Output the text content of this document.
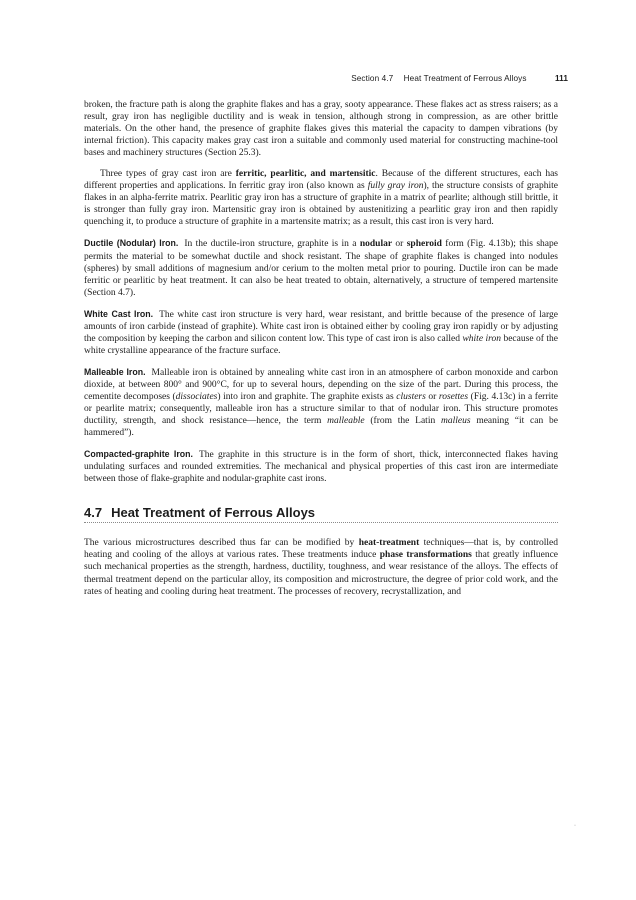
Section 4.7 Heat Treatment of Ferrous Alloys	111

broken, the fracture path is along the graphite flakes and has a gray, sooty appearance. These flakes act as stress raisers; as a result, gray iron has negligible ductility and is weak in tension, although strong in compression, as are other brittle materials. On the other hand, the presence of graphite flakes gives this material the capacity to dampen vibrations (by internal friction). This capacity makes gray cast iron a suitable and commonly used material for constructing machine-tool bases and machinery structures (Section 25.3).

Three types of gray cast iron are ferritic, pearlitic, and martensitic. Because of the different structures, each has different properties and applications. In ferritic gray iron (also known as fully gray iron), the structure consists of graphite flakes in an alpha-ferrite matrix. Pearlitic gray iron has a structure of graphite in a matrix of pearlite; although still brittle, it is stronger than fully gray iron. Martensitic gray iron is obtained by austenitizing a pearlitic gray iron and then rapidly quenching it, to produce a structure of graphite in a martensite matrix; as a result, this cast iron is very hard.

Ductile (Nodular) Iron. In the ductile-iron structure, graphite is in a nodular or spheroid form (Fig. 4.13b); this shape permits the material to be somewhat ductile and shock resistant. The shape of graphite flakes is changed into nodules (spheres) by small additions of magnesium and/or cerium to the molten metal prior to pouring. Ductile iron can be made ferritic or pearlitic by heat treatment. It can also be heat treated to obtain, alternatively, a structure of tempered martensite (Section 4.7).

White Cast Iron. The white cast iron structure is very hard, wear resistant, and brittle because of the presence of large amounts of iron carbide (instead of graphite). White cast iron is obtained either by cooling gray iron rapidly or by adjusting the composition by keeping the carbon and silicon content low. This type of cast iron is also called white iron because of the white crystalline appearance of the fracture surface.

Malleable Iron. Malleable iron is obtained by annealing white cast iron in an atmosphere of carbon monoxide and carbon dioxide, at between 800° and 900°C, for up to several hours, depending on the size of the part. During this process, the cementite decomposes (dissociates) into iron and graphite. The graphite exists as clusters or rosettes (Fig. 4.13c) in a ferrite or pearlite matrix; consequently, malleable iron has a structure similar to that of nodular iron. This structure promotes ductility, strength, and shock resistance—hence, the term malleable (from the Latin malleus meaning “it can be hammered”).

Compacted-graphite Iron. The graphite in this structure is in the form of short, thick, interconnected flakes having undulating surfaces and rounded extremities. The mechanical and physical properties of this cast iron are intermediate between those of flake-graphite and nodular-graphite cast irons.

4.7 Heat Treatment of Ferrous Alloys

The various microstructures described thus far can be modified by heat-treatment techniques—that is, by controlled heating and cooling of the alloys at various rates. These treatments induce phase transformations that greatly influence such mechanical properties as the strength, hardness, ductility, toughness, and wear resistance of the alloys. The effects of thermal treatment depend on the particular alloy, its composition and microstructure, the degree of prior cold work, and the rates of heating and cooling during heat treatment. The processes of recovery, recrystallization, and

·
